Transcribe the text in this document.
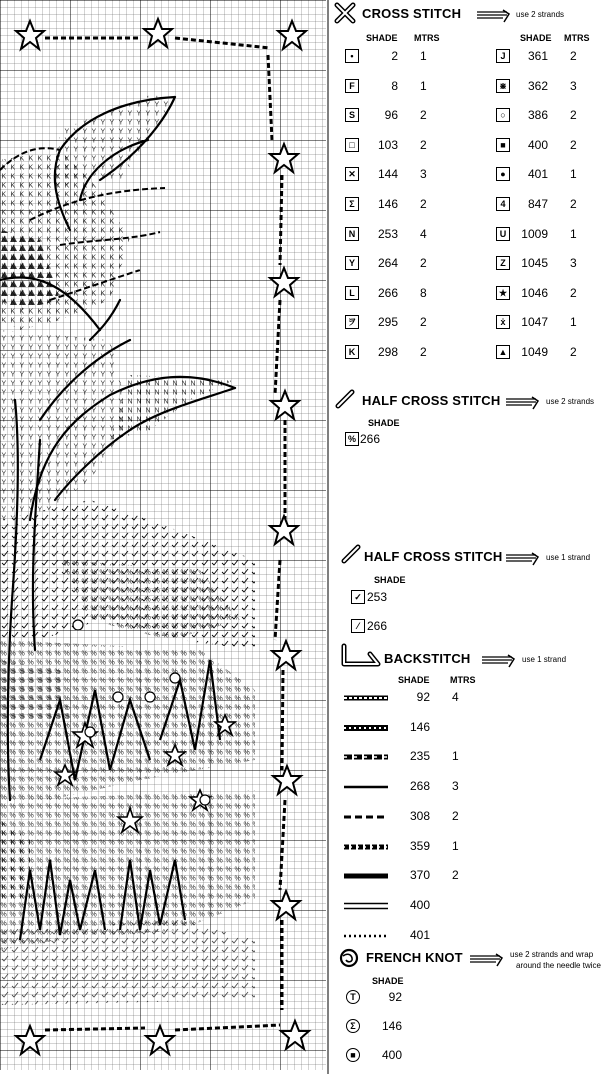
CROSS STITCH	use 2 strands
SHADE MTRS	SHADE MTRS
•	2 1
F	8 1
S	96 2
□	103 2
✕	144 3
Σ	146 2
N	253 4
Y	264 2
L	266 8
ヲ	295 2
K	298 2
J	361 2
⋇	362 3
○	386 2
■	400 2
●	401 1
4	847 2
U	1009 1
Z	1045 3
★	1046 2
ẋ	1047 1
▲	1049 2
HALF CROSS STITCH	use 2 strands
SHADE
% 266
HALF CROSS STITCH	use 1 strand
SHADE
✓ 253
⁄ 266
BACKSTITCH	use 1 strand
SHADE MTRS
92 4
146
235 1
268 3
308 2
359 1
370 2
400
401
FRENCH KNOT	use 2 strands and wrap
around the needle twice
SHADE
T	92
Σ	146
■	400
